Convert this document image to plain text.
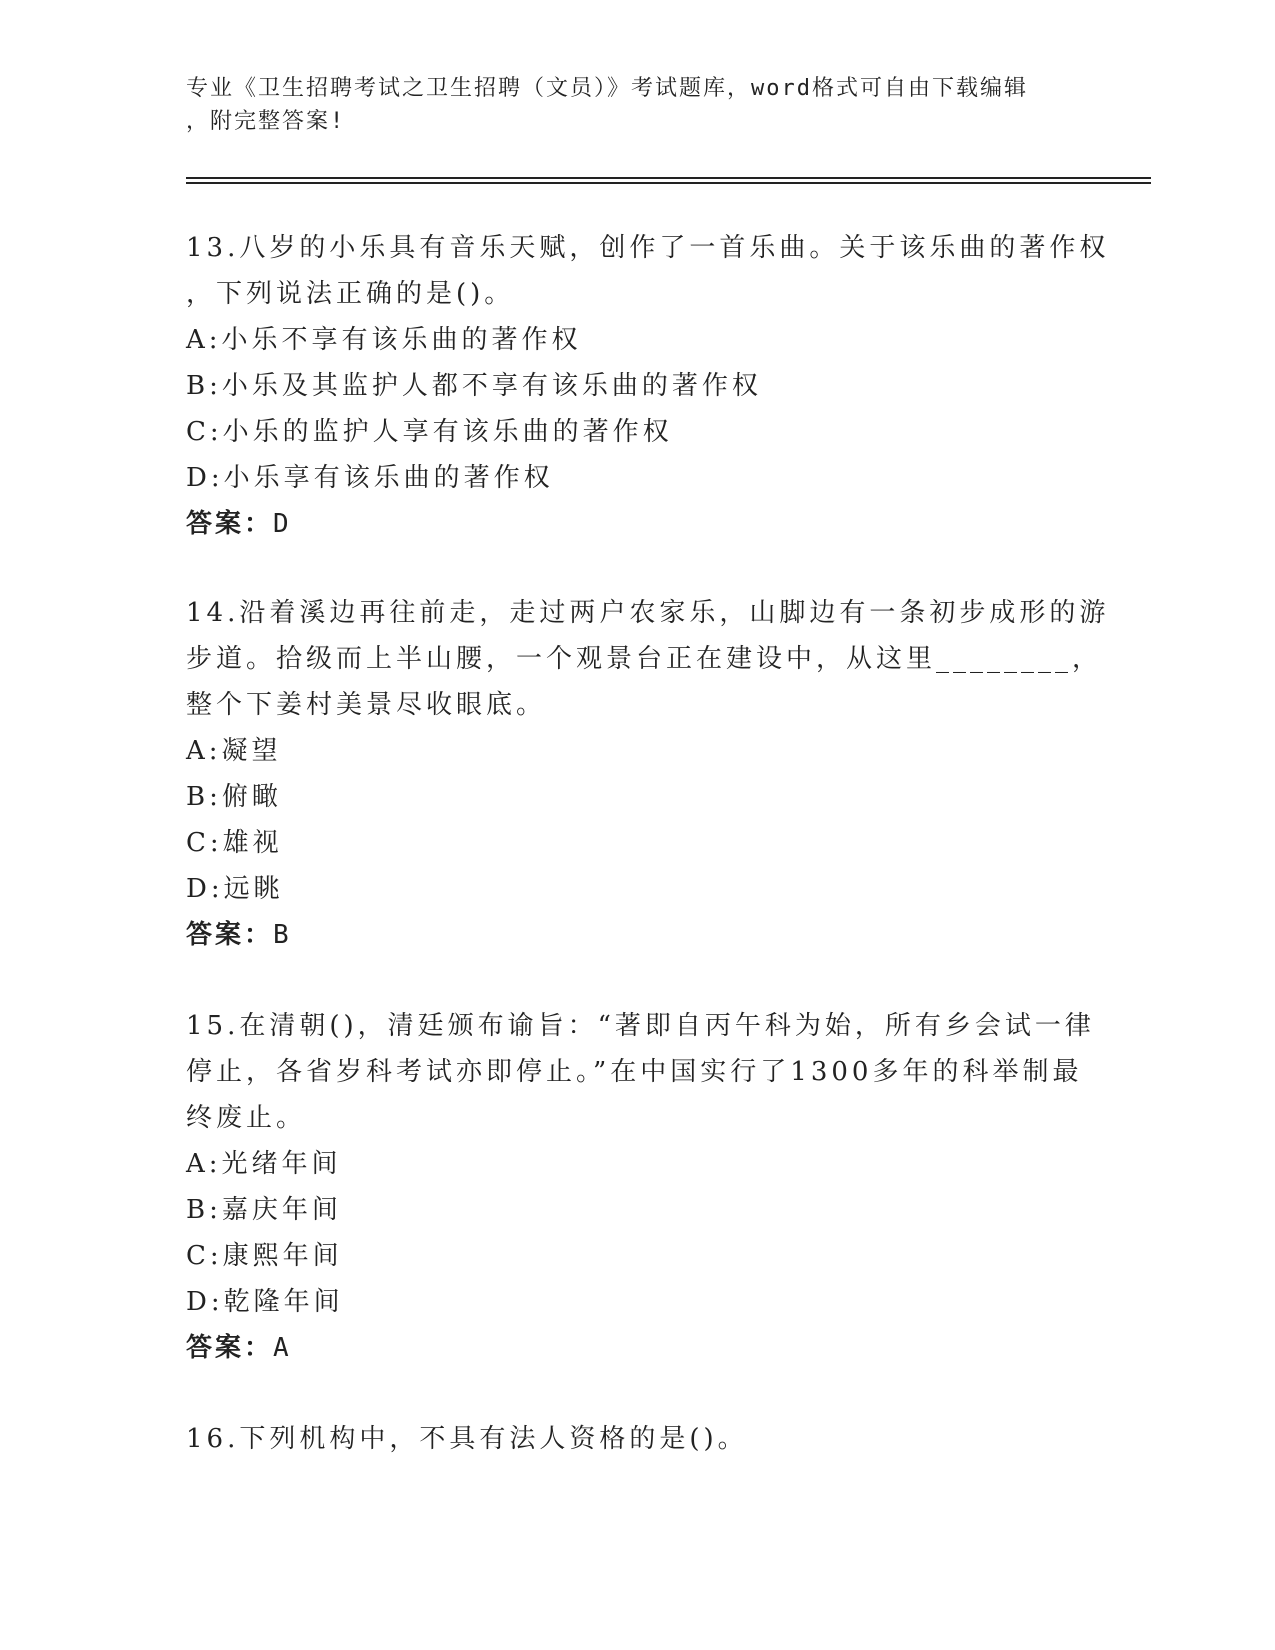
专业《卫生招聘考试之卫生招聘（文员）》考试题库，word格式可自由下载编辑
，附完整答案!
13.八岁的小乐具有音乐天赋，创作了一首乐曲。关于该乐曲的著作权
，下列说法正确的是()。
A:小乐不享有该乐曲的著作权
B:小乐及其监护人都不享有该乐曲的著作权
C:小乐的监护人享有该乐曲的著作权
D:小乐享有该乐曲的著作权
答案：D
14.沿着溪边再往前走，走过两户农家乐，山脚边有一条初步成形的游
步道。拾级而上半山腰，一个观景台正在建设中，从这里________，
整个下姜村美景尽收眼底。
A:凝望
B:俯瞰
C:雄视
D:远眺
答案：B
15.在清朝()，清廷颁布谕旨：“著即自丙午科为始，所有乡会试一律
停止，各省岁科考试亦即停止。”在中国实行了1300多年的科举制最
终废止。
A:光绪年间
B:嘉庆年间
C:康熙年间
D:乾隆年间
答案：A
16.下列机构中，不具有法人资格的是()。
